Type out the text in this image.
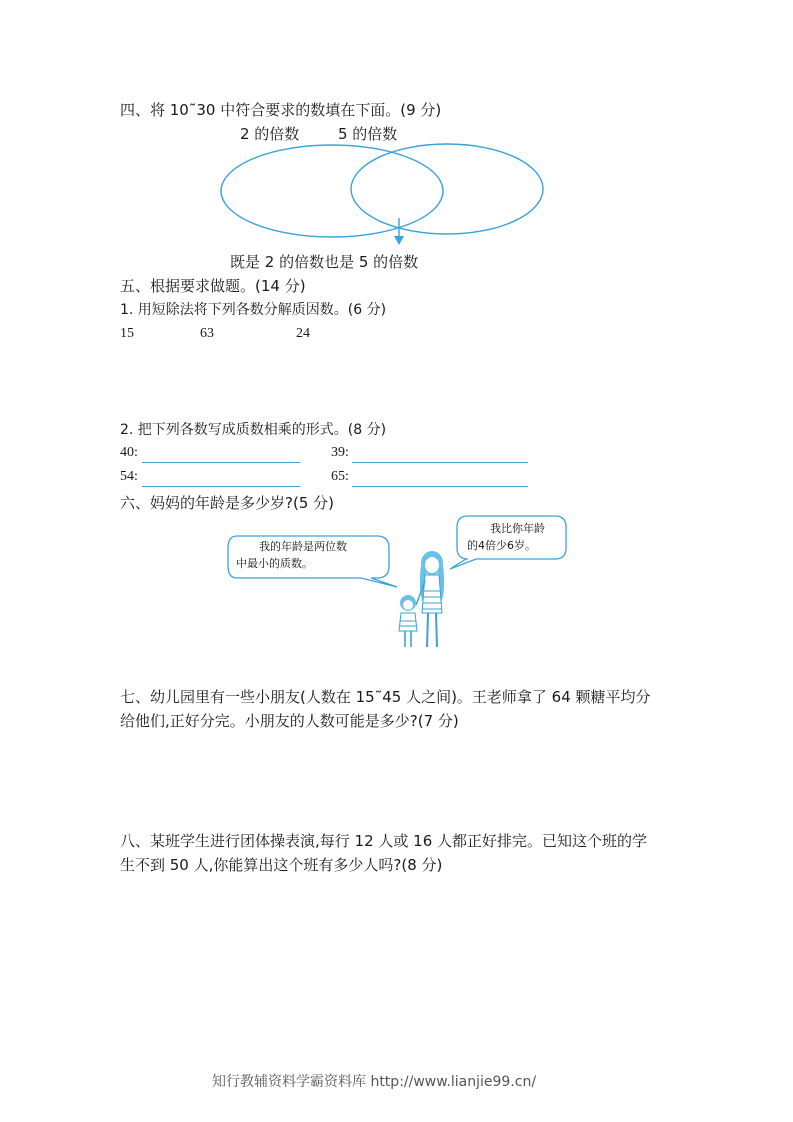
四、将 10˜30 中符合要求的数填在下面。(9 分)
2 的倍数	5 的倍数
既是 2 的倍数也是 5 的倍数
五、根据要求做题。(14 分)
1. 用短除法将下列各数分解质因数。(6 分)
15	63	24
2. 把下列各数写成质数相乘的形式。(8 分)
40:	39:
54:	65:
六、妈妈的年龄是多少岁?(5 分)
我的年龄是两位数
中最小的质数。
我比你年龄
的4倍少6岁。
七、幼儿园里有一些小朋友(人数在 15˜45 人之间)。王老师拿了 64 颗糖平均分
给他们,正好分完。小朋友的人数可能是多少?(7 分)
八、某班学生进行团体操表演,每行 12 人或 16 人都正好排完。已知这个班的学
生不到 50 人,你能算出这个班有多少人吗?(8 分)
知行教辅资料学霸资料库 http://www.lianjie99.cn/
